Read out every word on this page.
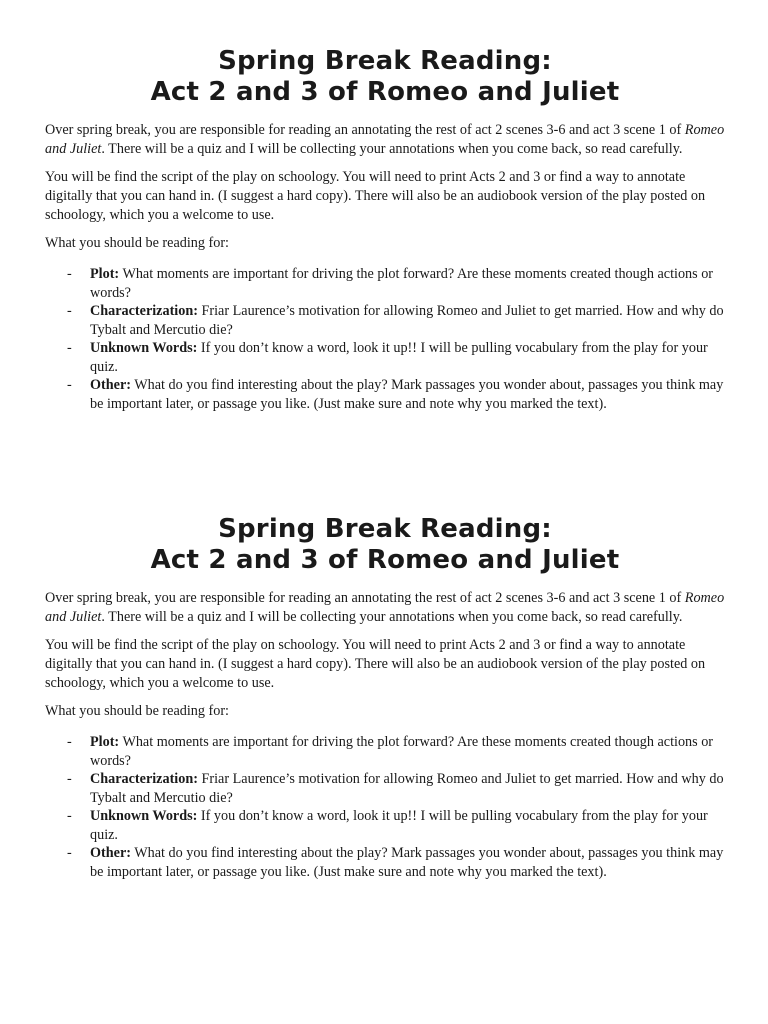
Spring Break Reading:
Act 2 and 3 of Romeo and Juliet

Over spring break, you are responsible for reading an annotating the rest of act 2 scenes 3-6 and act 3 scene 1 of Romeo and Juliet. There will be a quiz and I will be collecting your annotations when you come back, so read carefully.

You will be find the script of the play on schoology. You will need to print Acts 2 and 3 or find a way to annotate digitally that you can hand in. (I suggest a hard copy). There will also be an audiobook version of the play posted on schoology, which you a welcome to use.

What you should be reading for:

- Plot: What moments are important for driving the plot forward? Are these moments created though actions or words?
- Characterization: Friar Laurence’s motivation for allowing Romeo and Juliet to get married. How and why do Tybalt and Mercutio die?
- Unknown Words: If you don’t know a word, look it up!! I will be pulling vocabulary from the play for your quiz.
- Other: What do you find interesting about the play? Mark passages you wonder about, passages you think may be important later, or passage you like. (Just make sure and note why you marked the text).
Spring Break Reading:
Act 2 and 3 of Romeo and Juliet

Over spring break, you are responsible for reading an annotating the rest of act 2 scenes 3-6 and act 3 scene 1 of Romeo and Juliet. There will be a quiz and I will be collecting your annotations when you come back, so read carefully.

You will be find the script of the play on schoology. You will need to print Acts 2 and 3 or find a way to annotate digitally that you can hand in. (I suggest a hard copy). There will also be an audiobook version of the play posted on schoology, which you a welcome to use.

What you should be reading for:

- Plot: What moments are important for driving the plot forward? Are these moments created though actions or words?
- Characterization: Friar Laurence’s motivation for allowing Romeo and Juliet to get married. How and why do Tybalt and Mercutio die?
- Unknown Words: If you don’t know a word, look it up!! I will be pulling vocabulary from the play for your quiz.
- Other: What do you find interesting about the play? Mark passages you wonder about, passages you think may be important later, or passage you like. (Just make sure and note why you marked the text).
